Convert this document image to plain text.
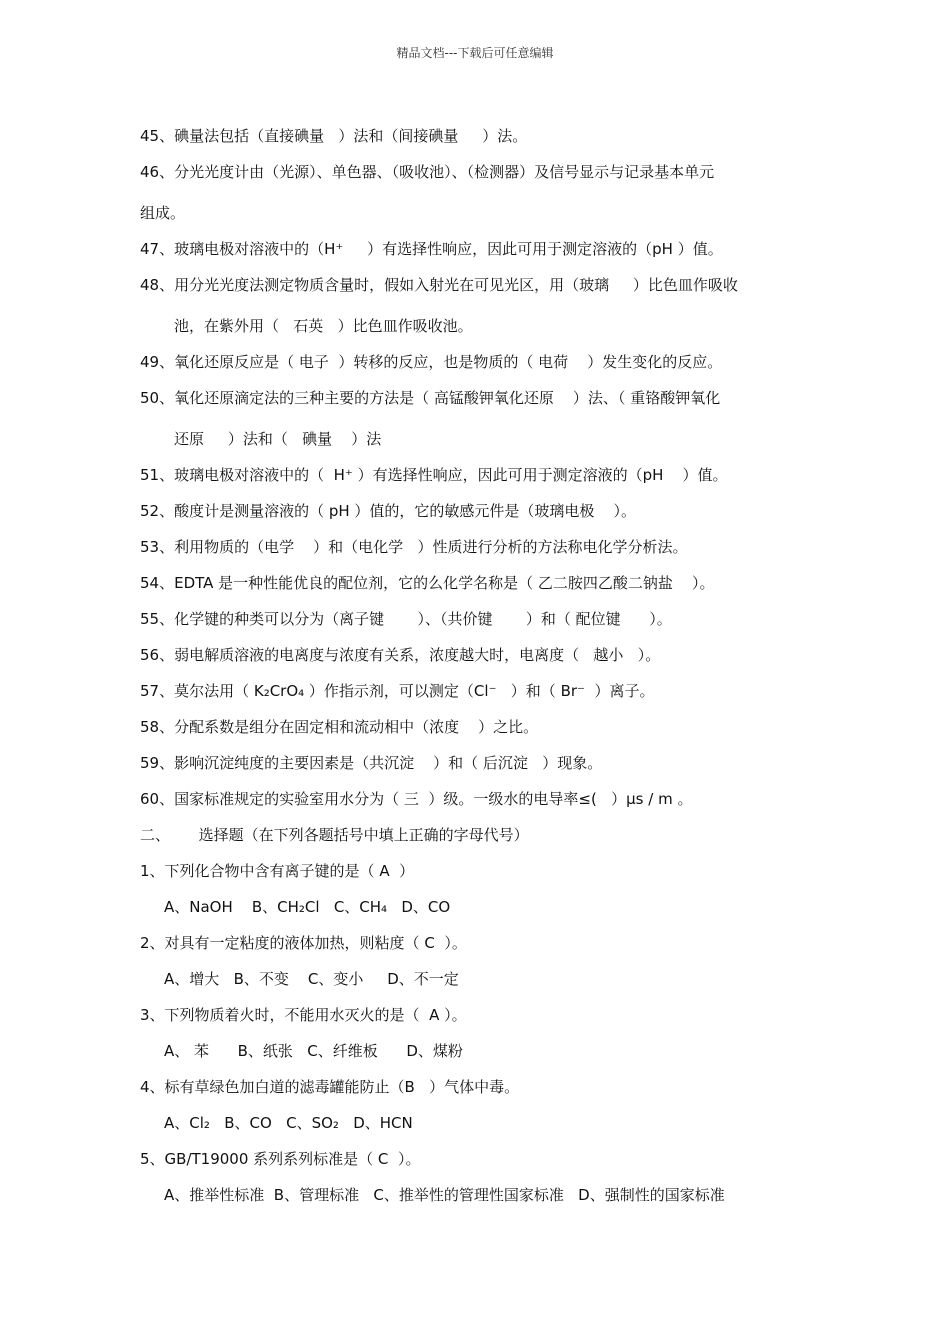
精品文档---下载后可任意编辑
45、碘量法包括（直接碘量   ）法和（间接碘量     ）法。
46、分光光度计由（光源）、单色器、（吸收池）、（检测器）及信号显示与记录基本单元
组成。
47、玻璃电极对溶液中的（H⁺     ）有选择性响应，因此可用于测定溶液的（pH ）值。
48、用分光光度法测定物质含量时，假如入射光在可见光区，用（玻璃     ）比色皿作吸收
池，在紫外用（   石英   ）比色皿作吸收池。
49、氧化还原反应是（ 电子  ）转移的反应，也是物质的（ 电荷    ）发生变化的反应。
50、氧化还原滴定法的三种主要的方法是（ 高锰酸钾氧化还原    ）法、（ 重铬酸钾氧化
还原     ）法和（   碘量    ）法
51、玻璃电极对溶液中的（  H⁺ ）有选择性响应，因此可用于测定溶液的（pH    ）值。
52、酸度计是测量溶液的（ pH ）值的，它的敏感元件是（玻璃电极    ）。
53、利用物质的（电学    ）和（电化学   ）性质进行分析的方法称电化学分析法。
54、EDTA 是一种性能优良的配位剂，它的么化学名称是（ 乙二胺四乙酸二钠盐    ）。
55、化学键的种类可以分为（离子键       ）、（共价键       ）和（ 配位键      ）。
56、弱电解质溶液的电离度与浓度有关系，浓度越大时，电离度（   越小   ）。
57、莫尔法用（ K₂CrO₄ ）作指示剂，可以测定（Cl⁻   ）和（ Br⁻  ）离子。
58、分配系数是组分在固定相和流动相中（浓度    ）之比。
59、影响沉淀纯度的主要因素是（共沉淀    ）和（ 后沉淀   ）现象。
60、国家标准规定的实验室用水分为（ 三  ）级。一级水的电导率≤(   ）μs / m 。
二、      选择题（在下列各题括号中填上正确的字母代号）
1、下列化合物中含有离子键的是（ A  ）
A、NaOH    B、CH₂Cl   C、CH₄   D、CO
2、对具有一定粘度的液体加热，则粘度（ C  ）。
A、增大   B、不变    C、变小     D、不一定
3、下列物质着火时，不能用水灭火的是（  A ）。
A、 苯      B、纸张   C、纤维板      D、煤粉
4、标有草绿色加白道的滤毒罐能防止（B   ）气体中毒。
A、Cl₂   B、CO   C、SO₂   D、HCN
5、GB/T19000 系列系列标准是（ C  ）。
A、推举性标准  B、管理标准   C、推举性的管理性国家标准   D、强制性的国家标准
